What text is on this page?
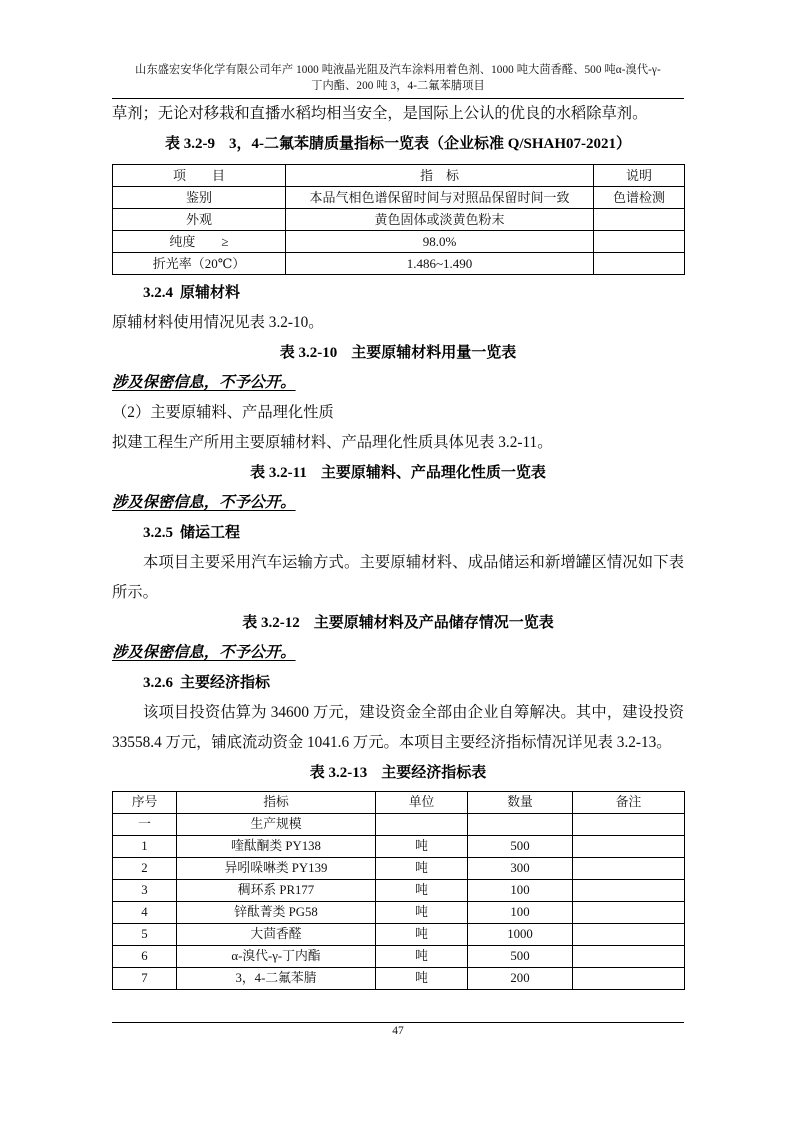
山东盛宏安华化学有限公司年产 1000 吨液晶光阻及汽车涂料用着色剂、1000 吨大茴香醛、500 吨α-溴代-γ-
丁内酯、200 吨 3，4-二氟苯腈项目

草剂；无论对移栽和直播水稻均相当安全，是国际上公认的优良的水稻除草剂。

表 3.2-9 3，4-二氟苯腈质量指标一览表（企业标准 Q/SHAH07-2021）

项　　目	指　标	说明
鉴别	本品气相色谱保留时间与对照品保留时间一致	色谱检测
外观	黄色固体或淡黄色粉末	
纯度　　≥	98.0%	
折光率（20℃）	1.486~1.490	

3.2.4 原辅材料

原辅材料使用情况见表 3.2-10。

表 3.2-10 主要原辅材料用量一览表

涉及保密信息，不予公开。

（2）主要原辅料、产品理化性质

拟建工程生产所用主要原辅材料、产品理化性质具体见表 3.2-11。

表 3.2-11 主要原辅料、产品理化性质一览表

涉及保密信息，不予公开。

3.2.5 储运工程

本项目主要采用汽车运输方式。主要原辅材料、成品储运和新增罐区情况如下表所示。

表 3.2-12 主要原辅材料及产品储存情况一览表

涉及保密信息，不予公开。

3.2.6 主要经济指标

该项目投资估算为 34600 万元，建设资金全部由企业自筹解决。其中，建设投资 33558.4 万元，铺底流动资金 1041.6 万元。本项目主要经济指标情况详见表 3.2-13。

表 3.2-13 主要经济指标表

序号	指标	单位	数量	备注
一	生产规模			
1	喹酞酮类 PY138	吨	500	
2	异吲哚啉类 PY139	吨	300	
3	稠环系 PR177	吨	100	
4	锌酞菁类 PG58	吨	100	
5	大茴香醛	吨	1000	
6	α-溴代-γ-丁内酯	吨	500	
7	3，4-二氟苯腈	吨	200	
47
